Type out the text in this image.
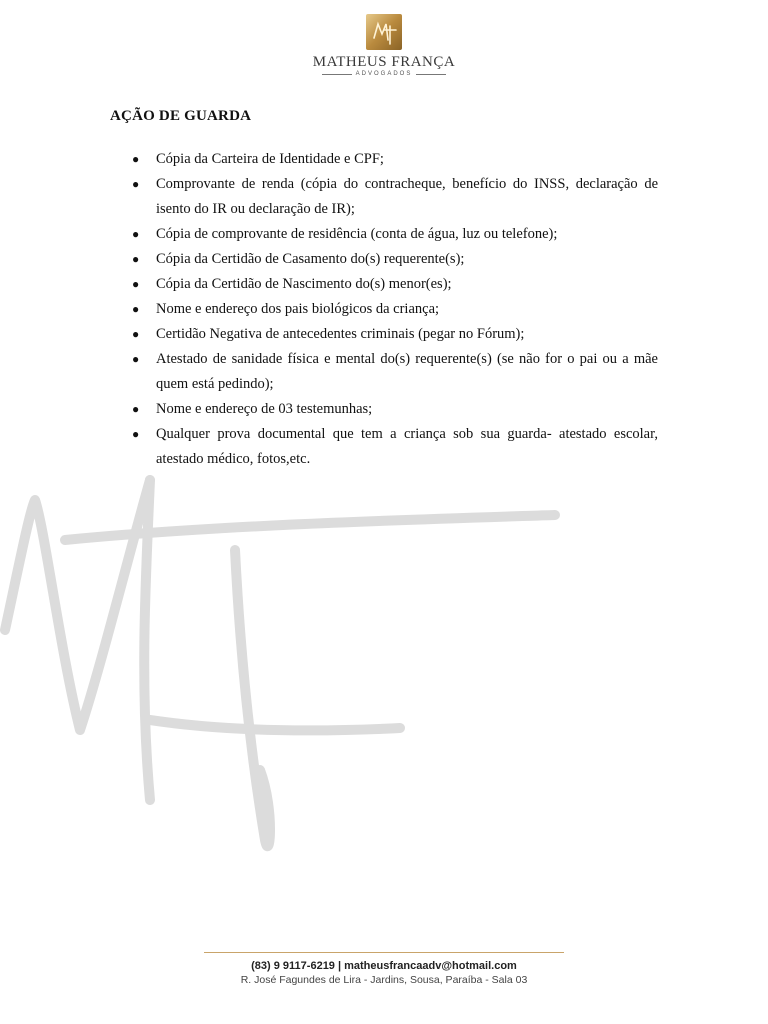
MATHEUS FRANÇA
ADVOGADOS
AÇÃO DE GUARDA
● Cópia da Carteira de Identidade e CPF;
● Comprovante de renda (cópia do contracheque, benefício do INSS, declaração de isento do IR ou declaração de IR);
● Cópia de comprovante de residência (conta de água, luz ou telefone);
● Cópia da Certidão de Casamento do(s) requerente(s);
● Cópia da Certidão de Nascimento do(s) menor(es);
● Nome e endereço dos pais biológicos da criança;
● Certidão Negativa de antecedentes criminais (pegar no Fórum);
● Atestado de sanidade física e mental do(s) requerente(s) (se não for o pai ou a mãe quem está pedindo);
● Nome e endereço de 03 testemunhas;
● Qualquer prova documental que tem a criança sob sua guarda- atestado escolar, atestado médico, fotos,etc.
(83) 9 9117-6219 | matheusfrancaadv@hotmail.com
R. José Fagundes de Lira - Jardins, Sousa, Paraíba - Sala 03
